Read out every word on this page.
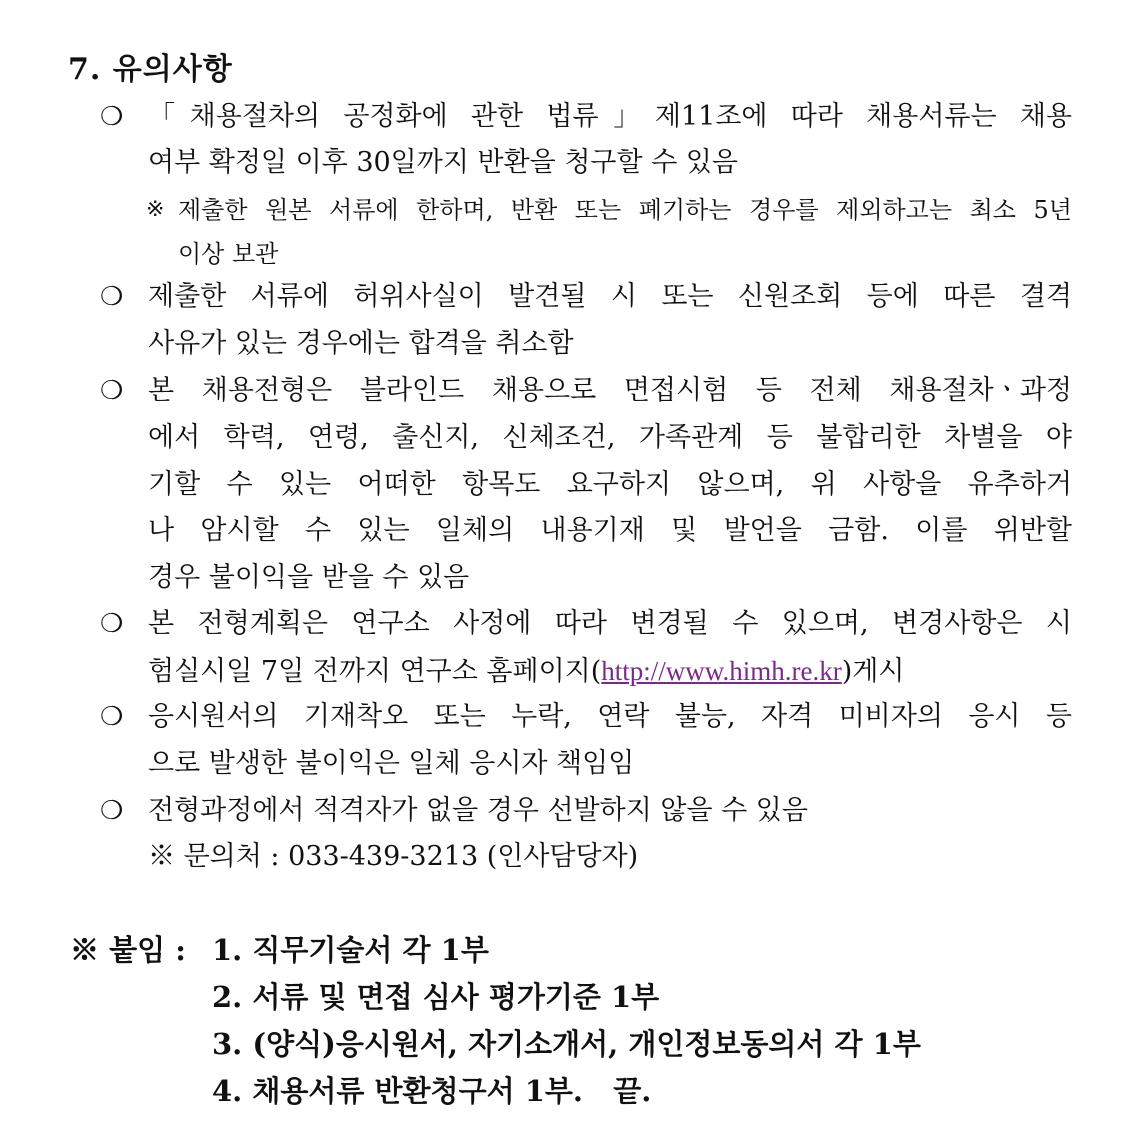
7. 유의사항
❍ 「채용절차의 공정화에 관한 법류」제11조에 따라 채용서류는 채용
여부 확정일 이후 30일까지 반환을 청구할 수 있음
※ 제출한 원본 서류에 한하며, 반환 또는 폐기하는 경우를 제외하고는 최소 5년
이상 보관
❍ 제출한 서류에 허위사실이 발견될 시 또는 신원조회 등에 따른 결격
사유가 있는 경우에는 합격을 취소함
❍ 본 채용전형은 블라인드 채용으로 면접시험 등 전체 채용절차ㆍ과정
에서 학력, 연령, 출신지, 신체조건, 가족관계 등 불합리한 차별을 야
기할 수 있는 어떠한 항목도 요구하지 않으며, 위 사항을 유추하거
나 암시할 수 있는 일체의 내용기재 및 발언을 금함. 이를 위반할
경우 불이익을 받을 수 있음
❍ 본 전형계획은 연구소 사정에 따라 변경될 수 있으며, 변경사항은 시
험실시일 7일 전까지 연구소 홈페이지(http://www.himh.re.kr)게시
❍ 응시원서의 기재착오 또는 누락, 연락 불능, 자격 미비자의 응시 등
으로 발생한 불이익은 일체 응시자 책임임
❍ 전형과정에서 적격자가 없을 경우 선발하지 않을 수 있음
※ 문의처 : 033-439-3213 (인사담당자)
※ 붙임 : 1. 직무기술서 각 1부
2. 서류 및 면접 심사 평가기준 1부
3. (양식)응시원서, 자기소개서, 개인정보동의서 각 1부
4. 채용서류 반환청구서 1부.   끝.
